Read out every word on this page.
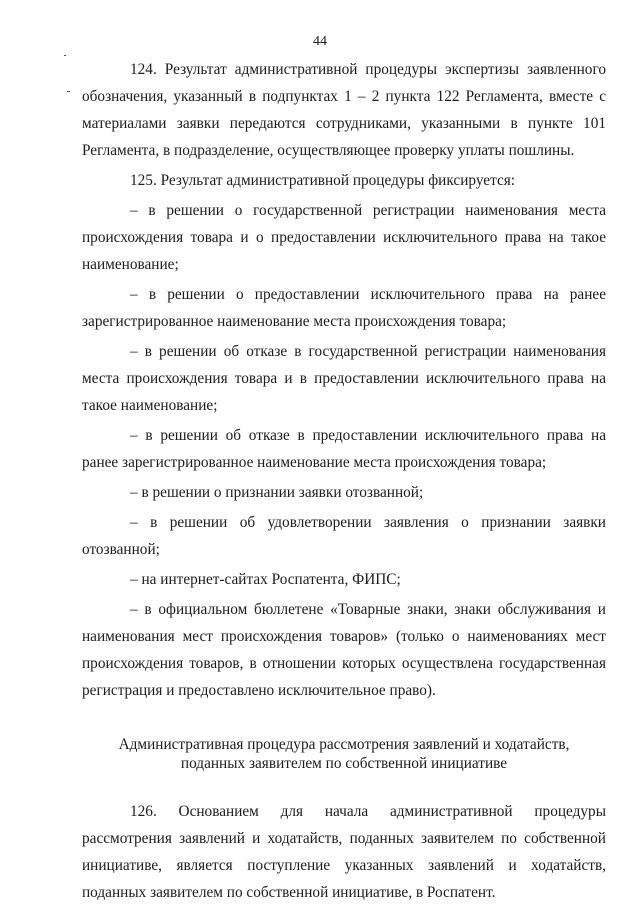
44

124. Результат административной процедуры экспертизы заявленного обозначения, указанный в подпунктах 1 – 2 пункта 122 Регламента, вместе с материалами заявки передаются сотрудниками, указанными в пункте 101 Регламента, в подразделение, осуществляющее проверку уплаты пошлины.

125. Результат административной процедуры фиксируется:

– в решении о государственной регистрации наименования места происхождения товара и о предоставлении исключительного права на такое наименование;

– в решении о предоставлении исключительного права на ранее зарегистрированное наименование места происхождения товара;

– в решении об отказе в государственной регистрации наименования места происхождения товара и в предоставлении исключительного права на такое наименование;

– в решении об отказе в предоставлении исключительного права на ранее зарегистрированное наименование места происхождения товара;

– в решении о признании заявки отозванной;

– в решении об удовлетворении заявления о признании заявки отозванной;

– на интернет-сайтах Роспатента, ФИПС;

– в официальном бюллетене «Товарные знаки, знаки обслуживания и наименования мест происхождения товаров» (только о наименованиях мест происхождения товаров, в отношении которых осуществлена государственная регистрация и предоставлено исключительное право).

Административная процедура рассмотрения заявлений и ходатайств,
поданных заявителем по собственной инициативе

126. Основанием для начала административной процедуры рассмотрения заявлений и ходатайств, поданных заявителем по собственной инициативе, является поступление указанных заявлений и ходатайств, поданных заявителем по собственной инициативе, в Роспатент.
